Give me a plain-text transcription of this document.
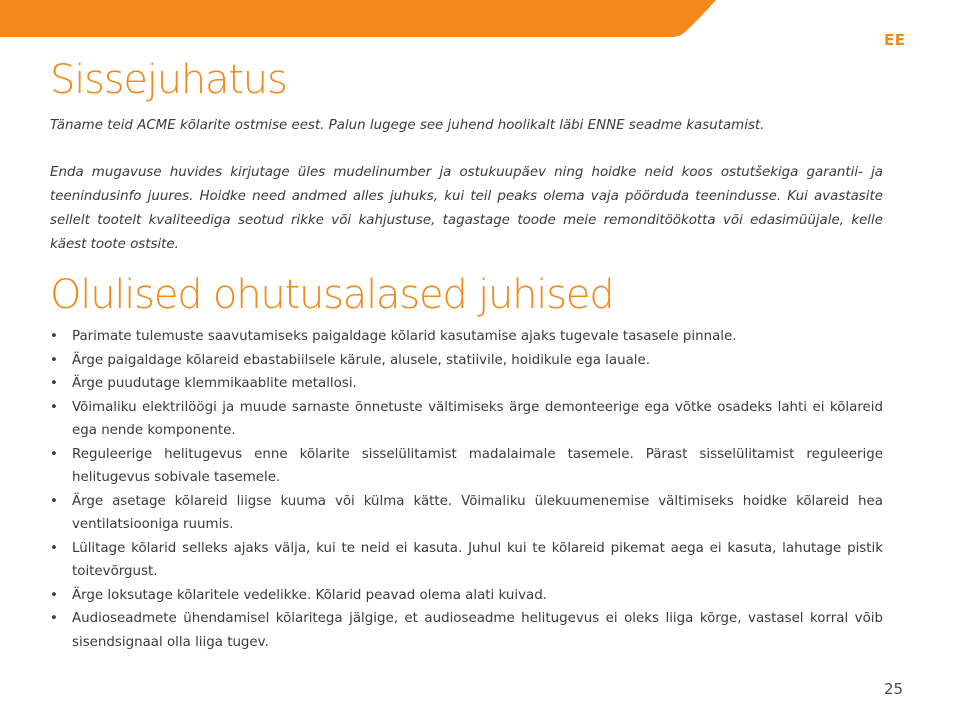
EE
Sissejuhatus

Täname teid ACME kõlarite ostmise eest. Palun lugege see juhend hoolikalt läbi ENNE seadme kasutamist.

Enda mugavuse huvides kirjutage üles mudelinumber ja ostukuupäev ning hoidke neid koos ostutšekiga garantii- ja teenindusinfo juures. Hoidke need andmed alles juhuks, kui teil peaks olema vaja pöörduda teenindusse. Kui avastasite sellelt tootelt kvaliteediga seotud rikke või kahjustuse, tagastage toode meie remonditöökotta või edasimüüjale, kelle käest toote ostsite.

Olulised ohutusalased juhised
• Parimate tulemuste saavutamiseks paigaldage kõlarid kasutamise ajaks tugevale tasasele pinnale.
• Ärge paigaldage kõlareid ebastabiilsele kärule, alusele, statiivile, hoidikule ega lauale.
• Ärge puudutage klemmikaablite metallosi.
• Võimaliku elektrilöögi ja muude sarnaste õnnetuste vältimiseks ärge demonteerige ega võtke osadeks lahti ei kõlareid ega nende komponente.
• Reguleerige helitugevus enne kõlarite sisselülitamist madalaimale tasemele. Pärast sisselülitamist reguleerige helitugevus sobivale tasemele.
• Ärge asetage kõlareid liigse kuuma või külma kätte. Võimaliku ülekuumenemise vältimiseks hoidke kõlareid hea ventilatsiooniga ruumis.
• Lülitage kõlarid selleks ajaks välja, kui te neid ei kasuta. Juhul kui te kõlareid pikemat aega ei kasuta, lahutage pistik toitevõrgust.
• Ärge loksutage kõlaritele vedelikke. Kõlarid peavad olema alati kuivad.
• Audioseadmete ühendamisel kõlaritega jälgige, et audioseadme helitugevus ei oleks liiga kõrge, vastasel korral võib sisendsignaal olla liiga tugev.
25
